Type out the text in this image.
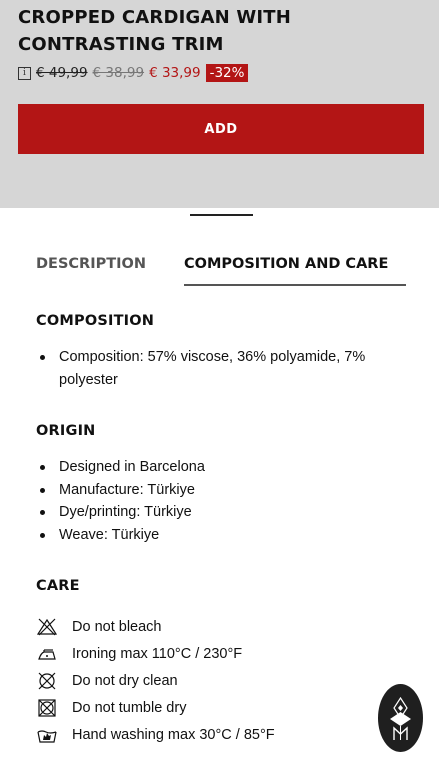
CROPPED CARDIGAN WITH CONTRASTING TRIM
i € 49,99 € 38,99 € 33,99 -32%
ADD
DESCRIPTION	COMPOSITION AND CARE
COMPOSITION
Composition: 57% viscose, 36% polyamide, 7% polyester
ORIGIN
Designed in Barcelona
Manufacture: Türkiye
Dye/printing: Türkiye
Weave: Türkiye
CARE
Do not bleach
Ironing max 110°C / 230°F
Do not dry clean
Do not tumble dry
Hand washing max 30°C / 85°F
